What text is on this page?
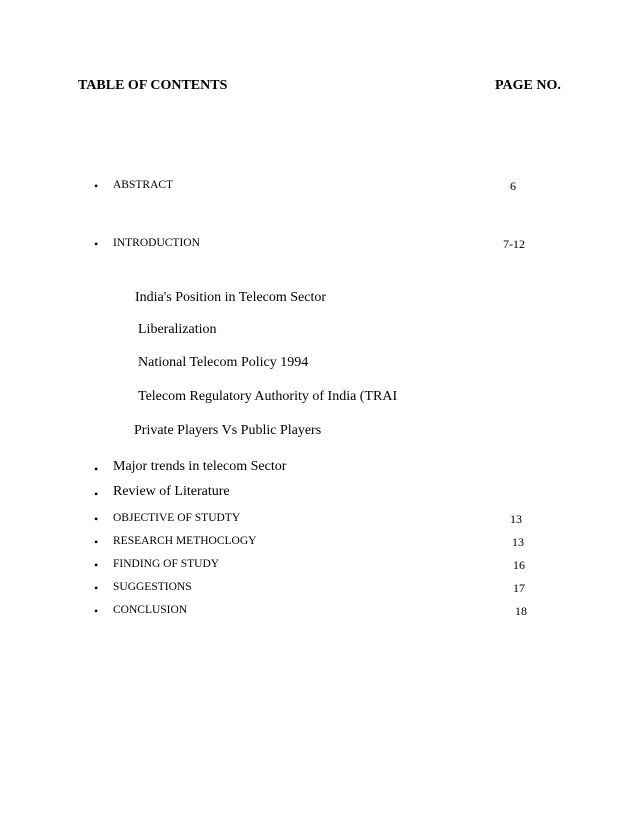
TABLE OF CONTENTS	PAGE NO.
• ABSTRACT	6
• INTRODUCTION	7-12
India's Position in Telecom Sector
Liberalization
National Telecom Policy 1994
Telecom Regulatory Authority of India (TRAI
Private Players Vs Public Players
• Major trends in telecom Sector
• Review of Literature
• OBJECTIVE OF STUDTY	13
• RESEARCH METHOCLOGY	13
• FINDING OF STUDY	16
• SUGGESTIONS	17
• CONCLUSION	18
